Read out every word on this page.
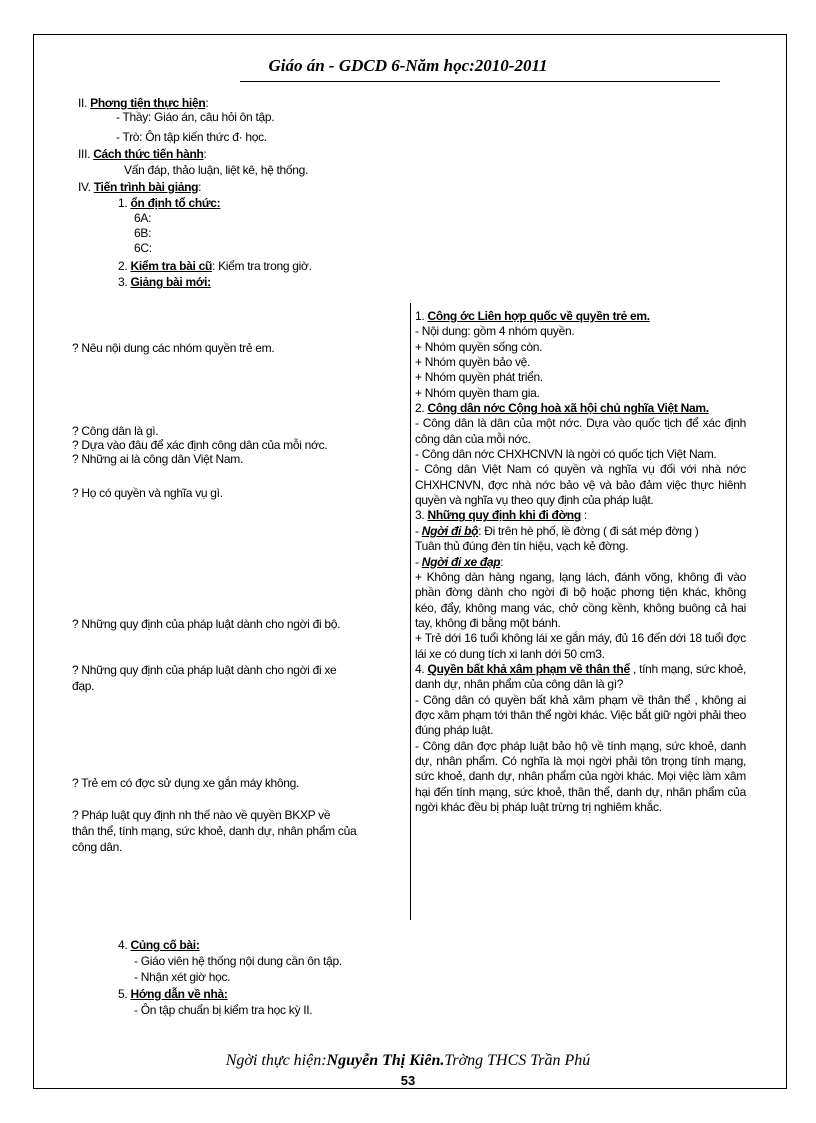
Giáo án - GDCD 6-Năm học:2010-2011
II. Phơng tiện thực hiện:
- Thầy: Giáo án, câu hỏi ôn tập.
- Trò: Ôn tập kiến thức đ· học.
III. Cách thức tiến hành:
Vấn đáp, thảo luận, liệt kê, hệ thống.
IV. Tiến trình bài giảng:
1. ổn định tổ chức:
6A:
6B:
6C:
2. Kiểm tra bài cũ: Kiểm tra trong giờ.
3. Giảng bài mới:
? Nêu nội dung các nhóm quyền trẻ em.
? Công dân là gì.
? Dựa vào đâu để xác định công dân của mỗi nớc.
? Những ai là công dân Việt Nam.
? Họ có quyền và nghĩa vụ gì.
? Những quy định của pháp luật dành cho ngời đi bộ.
? Những quy định của pháp luật dành cho ngời đi xe
đạp.
? Trẻ em có đợc sử dụng xe gắn máy không.
? Pháp luật quy định nh thế nào về quyền BKXP về
thân thể, tính mạng, sức khoẻ, danh dự, nhân phẩm của
công dân.

1. Công ớc Liên hợp quốc về quyền trẻ em.

- Nội dung: gồm 4 nhóm quyền.

+ Nhóm quyền sống còn.

+ Nhóm quyền bảo vệ.

+ Nhóm quyền phát triển.

+ Nhóm quyền tham gia.

2. Công dân nớc Cộng hoà xã hội chủ nghĩa Việt Nam.

- Công dân là dân của một nớc. Dựa vào quốc tịch để xác định công dân của mỗi nớc.

- Công dân nớc CHXHCNVN là ngời có quốc tịch Việt Nam.

- Công dân Việt Nam có quyền và nghĩa vụ đối với nhà nớc CHXHCNVN, đợc nhà nớc bảo vệ và bảo đảm việc thực hiênh quyền và nghĩa vụ theo quy định của pháp luật.

3. Những quy định khi đi đờng :

- Ngời đi bộ: Đi trên hè phố, lề đờng ( đi sát mép đờng )

Tuân thủ đúng đèn tín hiệu, vạch kẻ đờng.

- Ngời đi xe đạp:

+ Không dàn hàng ngang, lạng lách, đánh võng, không đi vào phần đờng dành cho ngời đi bộ hoặc phơng tiện khác, không kéo, đẩy, không mang vác, chở cồng kềnh, không buông cả hai tay, không đi bằng một bánh.

+ Trẻ dới 16 tuổi không lái xe gắn máy, đủ 16 đến dới 18 tuổi đợc lái xe có dung tích xi lanh dới 50 cm3.

4. Quyền bất khả xâm phạm về thân thể , tính mạng, sức khoẻ, danh dự, nhân phẩm của công dân là gì?

- Công dân có quyền bất khả xâm phạm về thân thể , không ai đợc xâm phạm tới thân thể ngời khác. Việc bắt giữ ngời phải theo đúng pháp luật.

- Công dân đợc pháp luật bảo hộ về tính mạng, sức khoẻ, danh dự, nhân phẩm. Có nghĩa là mọi ngời phải tôn trọng tính mạng, sức khoẻ, danh dự, nhân phẩm của ngời khác. Mọi việc làm xâm hại đến tính mạng, sức khoẻ, thân thể, danh dự, nhân phẩm của ngời khác đều bị pháp luật trừng trị nghiêm khắc.

4. Củng cố bài:
- Giáo viên hệ thống nội dung cần ôn tập.
- Nhận xét giờ học.
5. Hớng dẫn về nhà:
- Ôn tập chuẩn bị kiểm tra học kỳ II.
Ngời thực hiện:Nguyễn Thị Kiên.Trờng THCS Trần Phú
53
